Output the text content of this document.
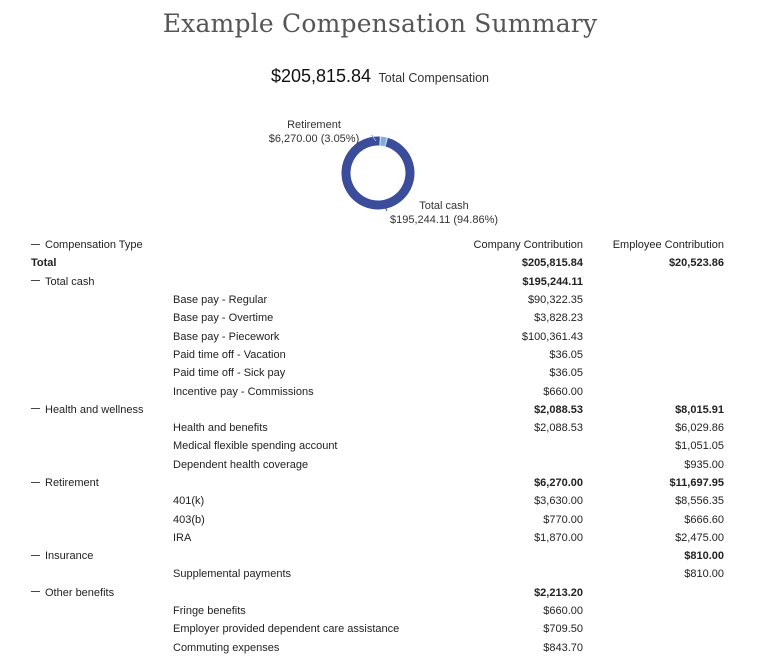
Example Compensation Summary
$205,815.84 Total Compensation
Retirement
$6,270.00 (3.05%)
Total cash
$195,244.11 (94.86%)
Compensation Type		Company Contribution	Employee Contribution
Total		$205,815.84	$20,523.86
Total cash		$195,244.11	
	Base pay - Regular	$90,322.35	
	Base pay - Overtime	$3,828.23	
	Base pay - Piecework	$100,361.43	
	Paid time off - Vacation	$36.05	
	Paid time off - Sick pay	$36.05	
	Incentive pay - Commissions	$660.00	
Health and wellness		$2,088.53	$8,015.91
	Health and benefits	$2,088.53	$6,029.86
	Medical flexible spending account		$1,051.05
	Dependent health coverage		$935.00
Retirement		$6,270.00	$11,697.95
	401(k)	$3,630.00	$8,556.35
	403(b)	$770.00	$666.60
	IRA	$1,870.00	$2,475.00
Insurance			$810.00
	Supplemental payments		$810.00
Other benefits		$2,213.20	
	Fringe benefits	$660.00	
	Employer provided dependent care assistance	$709.50	
	Commuting expenses	$843.70	
